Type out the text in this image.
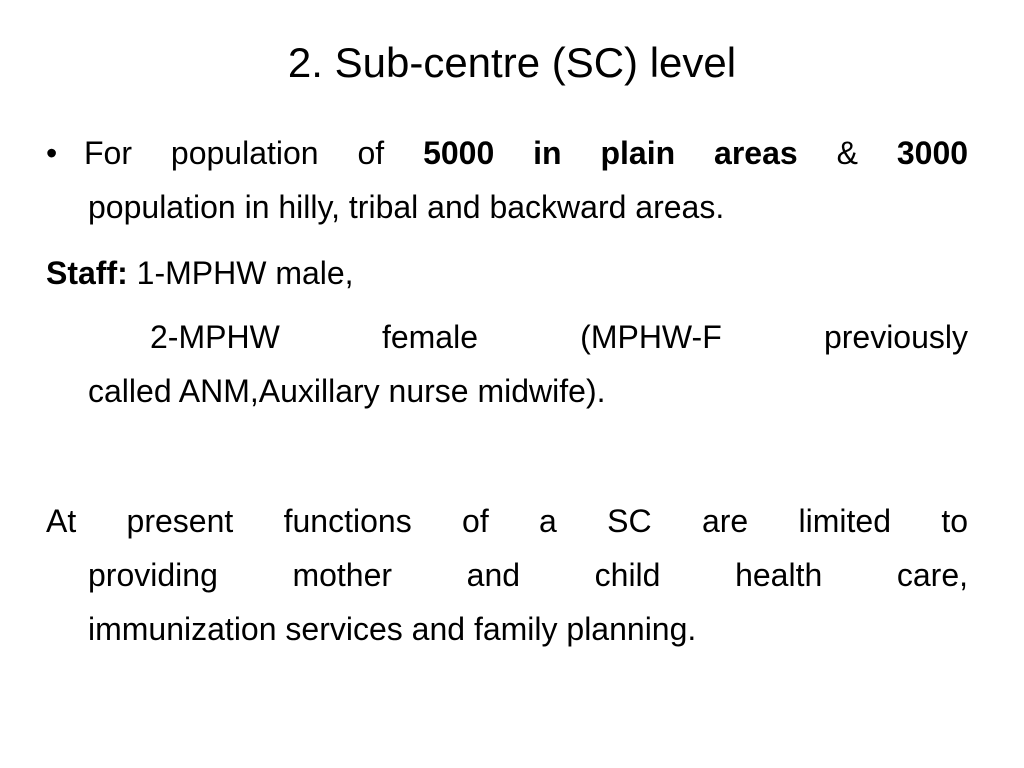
2. Sub-centre (SC) level
• For population of 5000 in plain areas & 3000
population in hilly, tribal and backward areas.
Staff: 1-MPHW male,
2-MPHW female (MPHW-F previously
called ANM,Auxillary nurse midwife).
At present functions of a SC are limited to
providing mother and child health care,
immunization services and family planning.
